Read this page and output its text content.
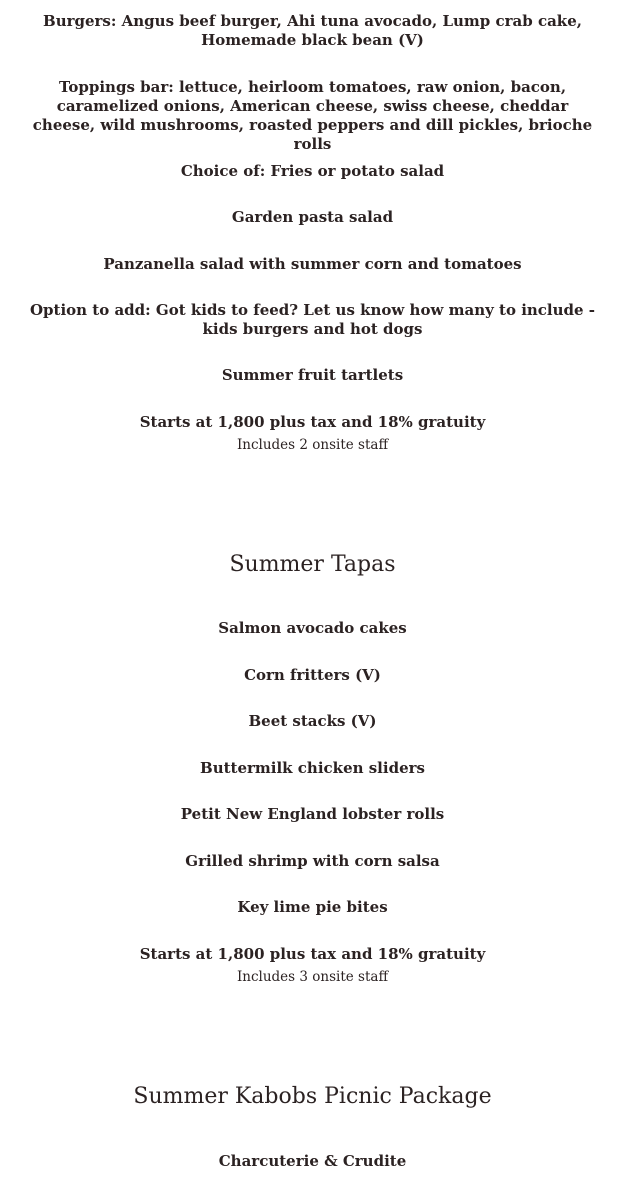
Burgers: Angus beef burger, Ahi tuna avocado, Lump crab cake, Homemade black bean (V)

Toppings bar: lettuce, heirloom tomatoes, raw onion, bacon, caramelized onions, American cheese, swiss cheese, cheddar cheese, wild mushrooms, roasted peppers and dill pickles, brioche rolls

Choice of: Fries or potato salad

Garden pasta salad

Panzanella salad with summer corn and tomatoes

Option to add: Got kids to feed? Let us know how many to include - kids burgers and hot dogs

Summer fruit tartlets

Starts at 1,800 plus tax and 18% gratuity

Includes 2 onsite staff

Summer Tapas

Salmon avocado cakes

Corn fritters (V)

Beet stacks (V)

Buttermilk chicken sliders

Petit New England lobster rolls

Grilled shrimp with corn salsa

Key lime pie bites

Starts at 1,800 plus tax and 18% gratuity

Includes 3 onsite staff

Summer Kabobs Picnic Package

Charcuterie & Crudite
